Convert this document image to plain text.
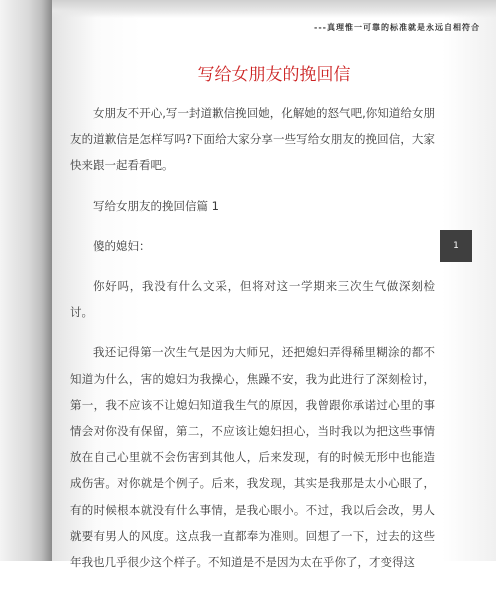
---真理惟一可靠的标准就是永远自相符合
写给女朋友的挽回信

女朋友不开心,写一封道歉信挽回她，化解她的怒气吧,你知道给女朋友的道歉信是怎样写吗?下面给大家分享一些写给女朋友的挽回信，大家快来跟一起看看吧。

写给女朋友的挽回信篇 1

傻的媳妇：

你好吗，我没有什么文采，但将对这一学期来三次生气做深刻检讨。

我还记得第一次生气是因为大师兄，还把媳妇弄得稀里糊涂的都不知道为什么，害的媳妇为我操心，焦躁不安，我为此进行了深刻检讨，第一，我不应该不让媳妇知道我生气的原因，我曾跟你承诺过心里的事情会对你没有保留，第二，不应该让媳妇担心，当时我以为把这些事情放在自己心里就不会伤害到其他人，后来发现，有的时候无形中也能造成伤害。对你就是个例子。后来，我发现，其实是我那是太小心眼了，有的时候根本就没有什么事情，是我心眼小。不过，我以后会改，男人就要有男人的风度。这点我一直都奉为准则。回想了一下，过去的这些年我也几乎很少这个样子。不知道是不是因为太在乎你了，才变得这

1
